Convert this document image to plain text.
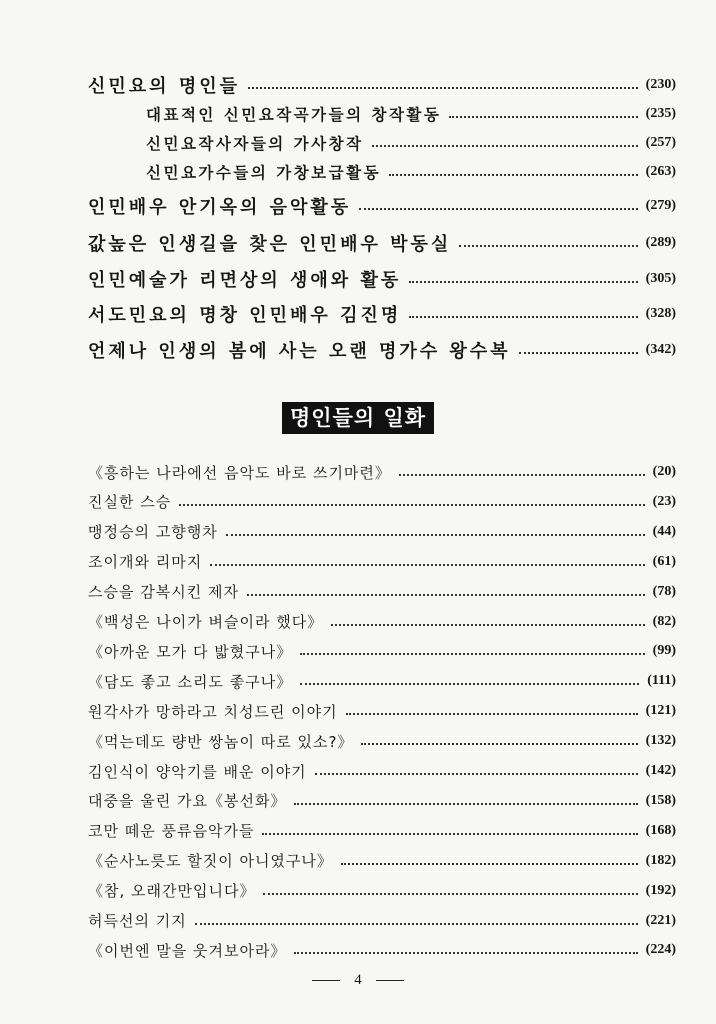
신민요의 명인들	(230)
대표적인 신민요작곡가들의 창작활동	(235)
신민요작사자들의 가사창작	(257)
신민요가수들의 가창보급활동	(263)
인민배우 안기옥의 음악활동	(279)
값높은 인생길을 찾은 인민배우 박동실	(289)
인민예술가 리면상의 생애와 활동	(305)
서도민요의 명창 인민배우 김진명	(328)
언제나 인생의 봄에 사는 오랜 명가수 왕수복	(342)
명인들의 일화
《흥하는 나라에선 음악도 바로 쓰기마련》	(20)
진실한 스승	(23)
맹정승의 고향행차	(44)
조이개와 리마지	(61)
스승을 감복시킨 제자	(78)
《백성은 나이가 벼슬이라 했다》	(82)
《아까운 모가 다 밟혔구나》	(99)
《담도 좋고 소리도 좋구나》	(111)
원각사가 망하라고 치성드린 이야기	(121)
《먹는데도 량반 쌍놈이 따로 있소?》	(132)
김인식이 양악기를 배운 이야기	(142)
대중을 울린 가요《봉선화》	(158)
코만 떼운 풍류음악가들	(168)
《순사노릇도 할짓이 아니였구나》	(182)
《참, 오래간만입니다》	(192)
허득선의 기지	(221)
《이번엔 말을 웃겨보아라》	(224)
4
